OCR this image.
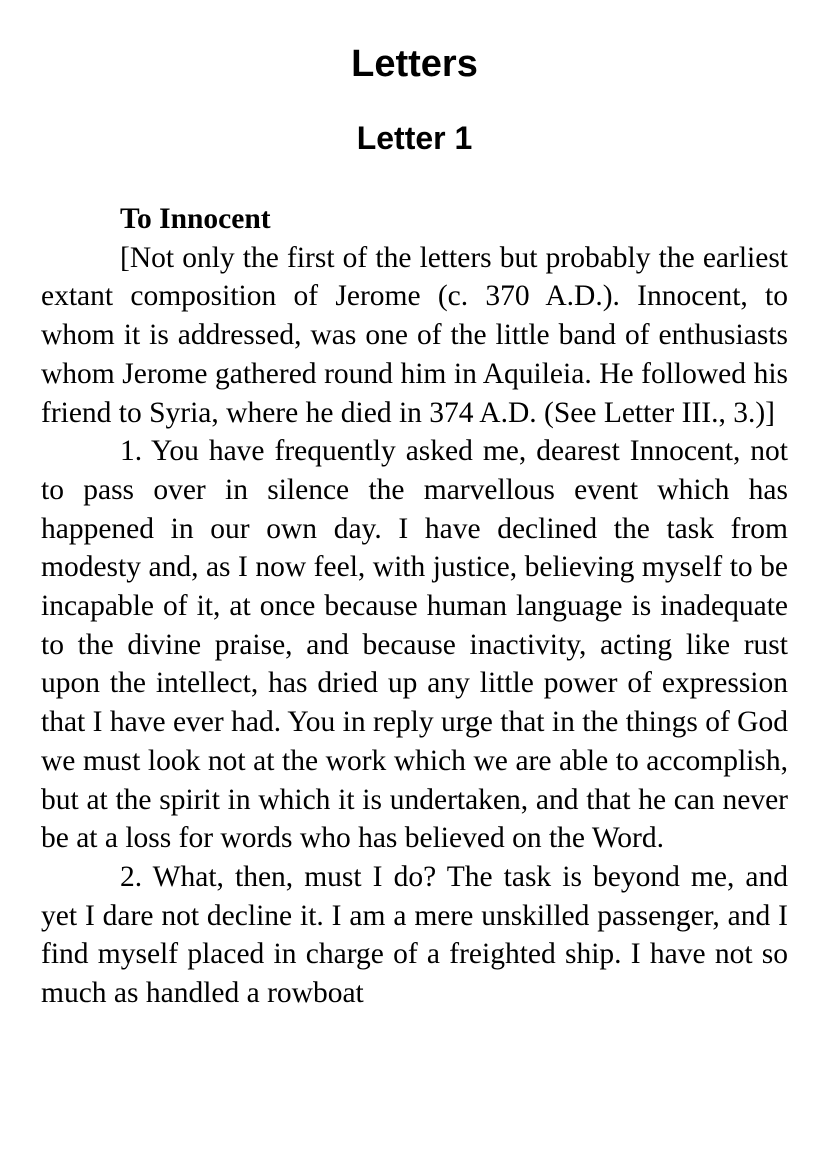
Letters
Letter 1

To Innocent

[Not only the first of the letters but probably the earliest extant composition of Jerome (c. 370 A.D.). Innocent, to whom it is addressed, was one of the little band of enthusiasts whom Jerome gathered round him in Aquileia. He followed his friend to Syria, where he died in 374 A.D. (See Letter III., 3.)]

1. You have frequently asked me, dearest Innocent, not to pass over in silence the marvellous event which has happened in our own day. I have declined the task from modesty and, as I now feel, with justice, believing myself to be incapable of it, at once because human language is inadequate to the divine praise, and because inactivity, acting like rust upon the intellect, has dried up any little power of expression that I have ever had. You in reply urge that in the things of God we must look not at the work which we are able to accomplish, but at the spirit in which it is undertaken, and that he can never be at a loss for words who has believed on the Word.

2. What, then, must I do? The task is beyond me, and yet I dare not decline it. I am a mere unskilled passenger, and I find myself placed in charge of a freighted ship. I have not so much as handled a rowboat
